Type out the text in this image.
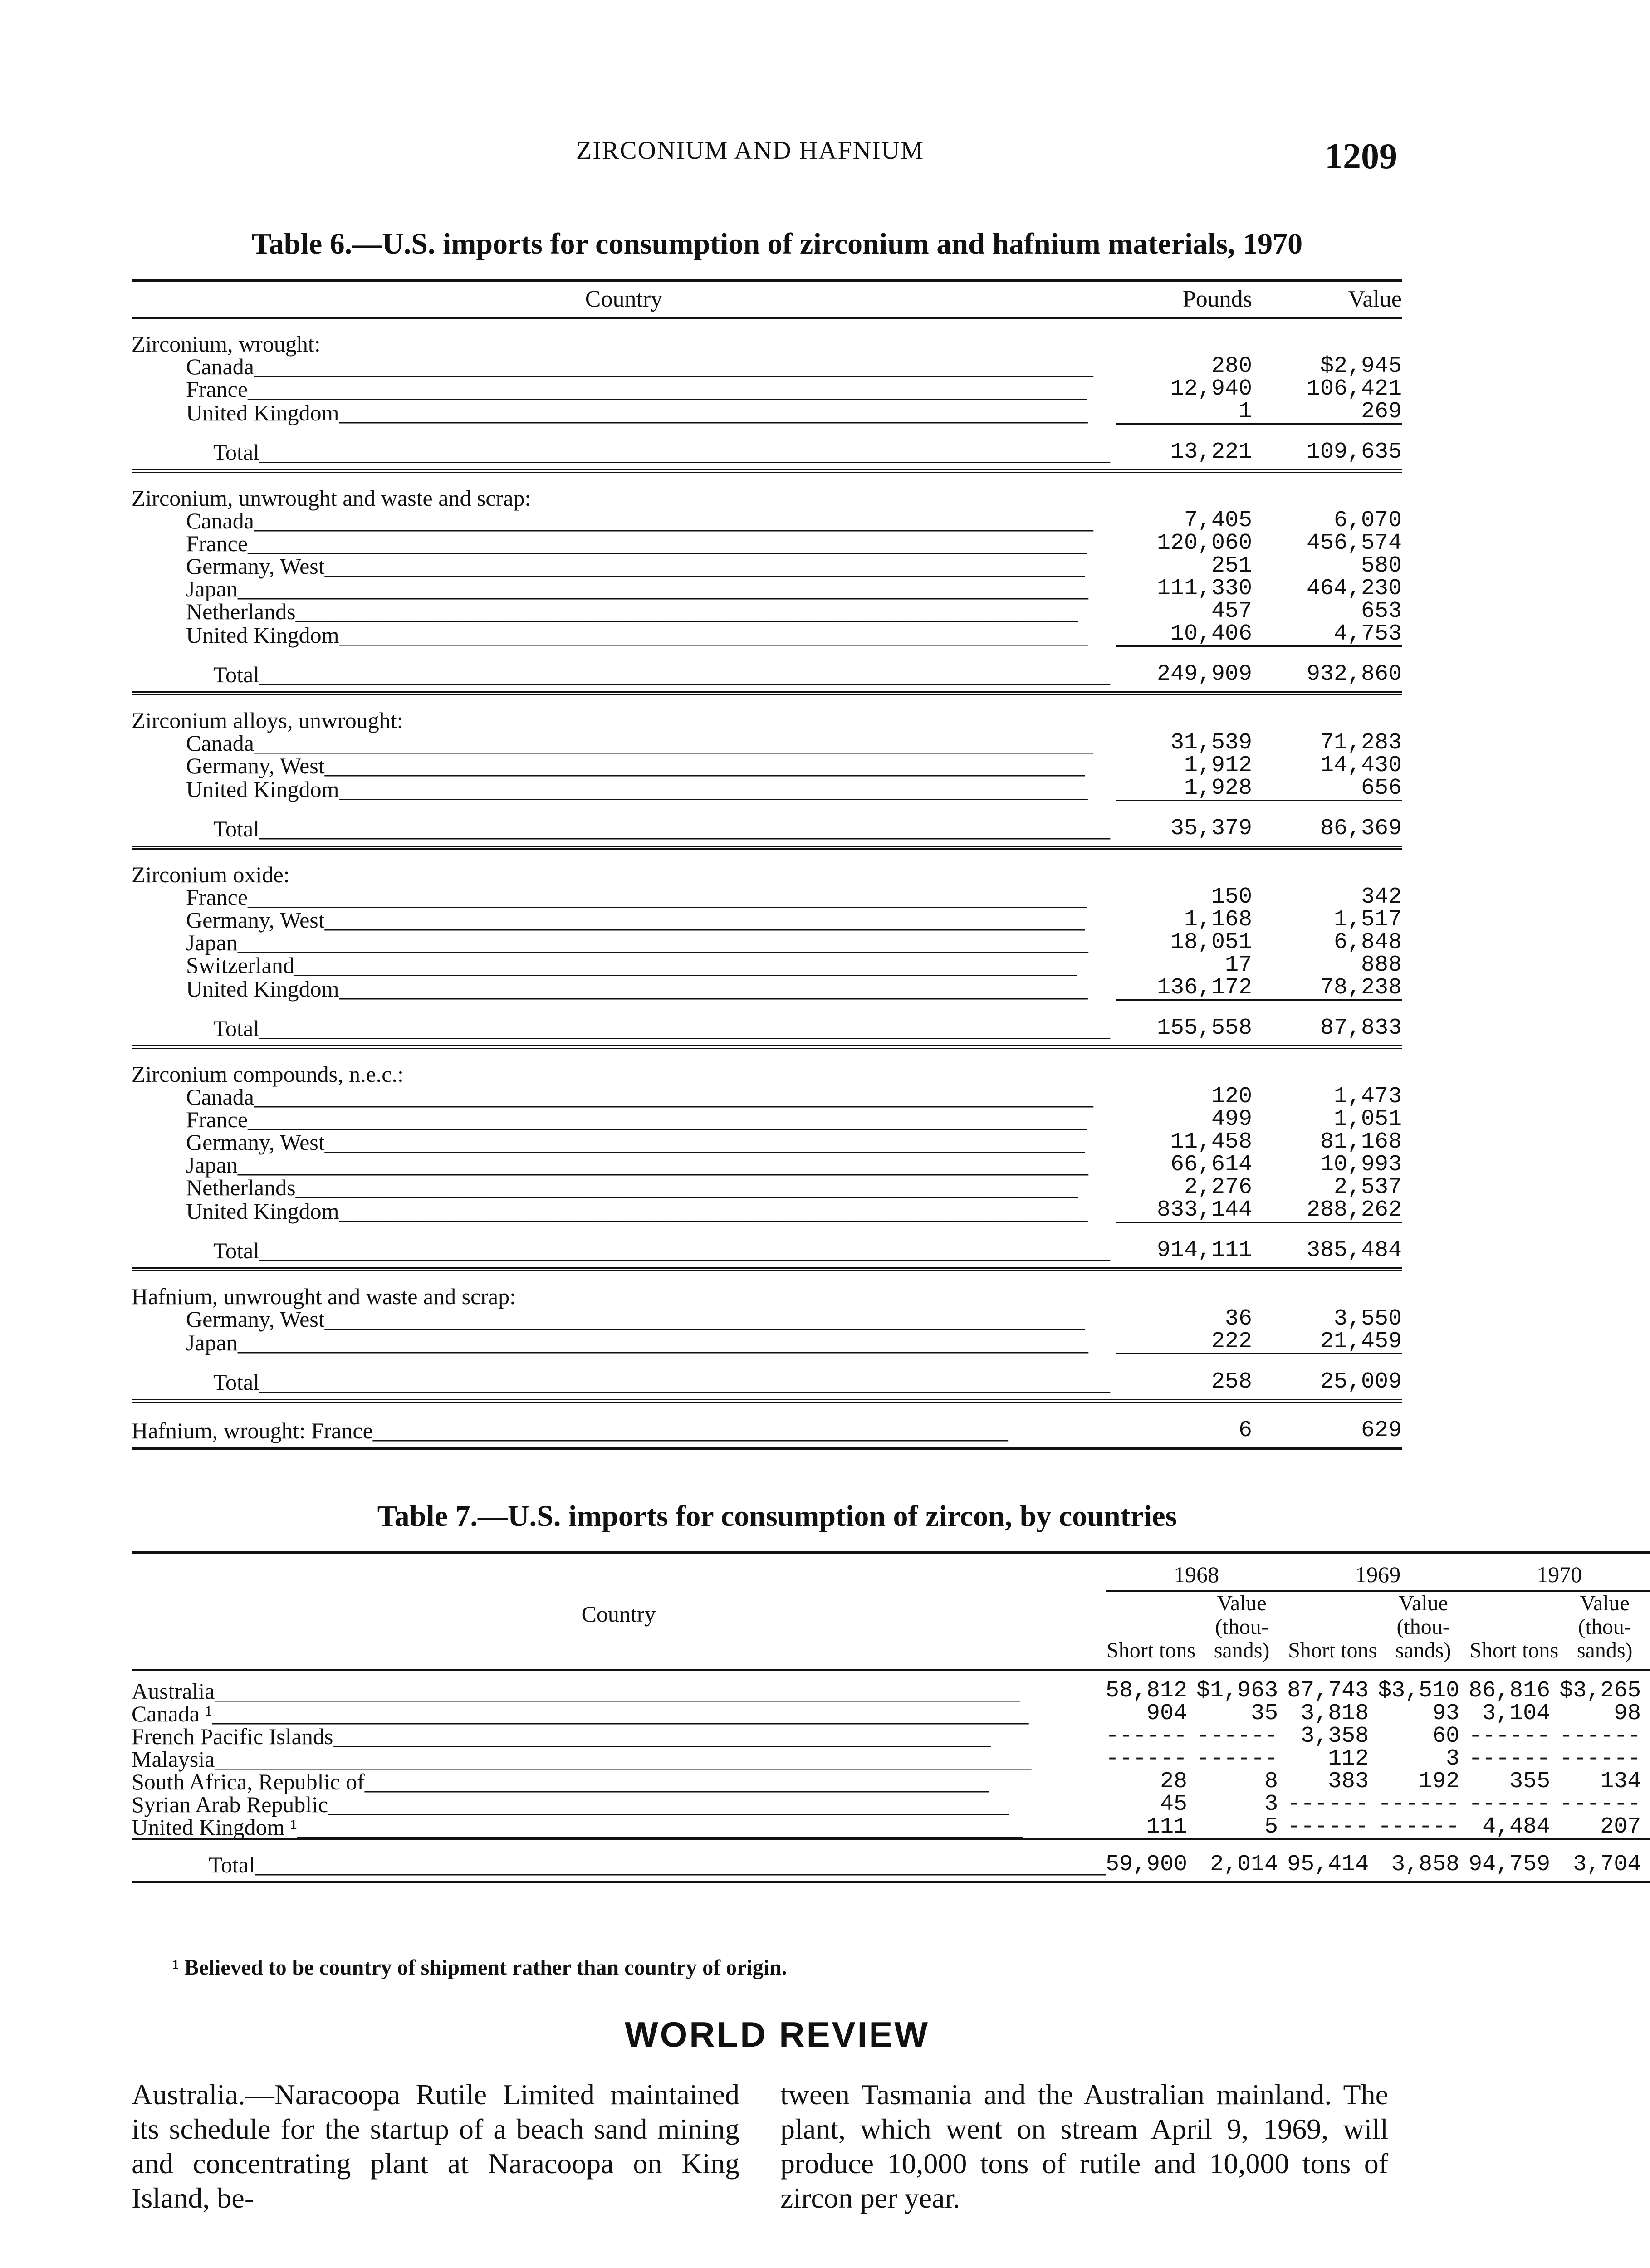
ZIRCONIUM AND HAFNIUM	1209
Table 6.—U.S. imports for consumption of zirconium and hafnium materials, 1970
Country	Pounds	Value
Zirconium, wrought:		
Canada__________________________________________________________________________	280	$2,945
France__________________________________________________________________________	12,940	106,421
United Kingdom__________________________________________________________________	1	269
Total___________________________________________________________________________	13,221	109,635
Zirconium, unwrought and waste and scrap:		
Canada__________________________________________________________________________	7,405	6,070
France__________________________________________________________________________	120,060	456,574
Germany, West___________________________________________________________________	251	580
Japan___________________________________________________________________________	111,330	464,230
Netherlands_____________________________________________________________________	457	653
United Kingdom__________________________________________________________________	10,406	4,753
Total___________________________________________________________________________	249,909	932,860
Zirconium alloys, unwrought:		
Canada__________________________________________________________________________	31,539	71,283
Germany, West___________________________________________________________________	1,912	14,430
United Kingdom__________________________________________________________________	1,928	656
Total___________________________________________________________________________	35,379	86,369
Zirconium oxide:		
France__________________________________________________________________________	150	342
Germany, West___________________________________________________________________	1,168	1,517
Japan___________________________________________________________________________	18,051	6,848
Switzerland_____________________________________________________________________	17	888
United Kingdom__________________________________________________________________	136,172	78,238
Total___________________________________________________________________________	155,558	87,833
Zirconium compounds, n.e.c.:		
Canada__________________________________________________________________________	120	1,473
France__________________________________________________________________________	499	1,051
Germany, West___________________________________________________________________	11,458	81,168
Japan___________________________________________________________________________	66,614	10,993
Netherlands_____________________________________________________________________	2,276	2,537
United Kingdom__________________________________________________________________	833,144	288,262
Total___________________________________________________________________________	914,111	385,484
Hafnium, unwrought and waste and scrap:		
Germany, West___________________________________________________________________	36	3,550
Japan___________________________________________________________________________	222	21,459
Total___________________________________________________________________________	258	25,009
Hafnium, wrought: France________________________________________________________	6	629
Table 7.—U.S. imports for consumption of zircon, by countries
Country	1968		1969		1970	
	Short tons	Value (thou- sands)	Short tons	Value (thou- sands)	Short tons	Value (thou- sands)
Australia_______________________________________________________________________	58,812	$1,963	87,743	$3,510	86,816	$3,265
Canada ¹________________________________________________________________________	904	35	3,818	93	3,104	98
French Pacific Islands__________________________________________________________	------	------	3,358	60	------	------
Malaysia________________________________________________________________________	------	------	112	3	------	------
South Africa, Republic of_______________________________________________________	28	8	383	192	355	134
Syrian Arab Republic____________________________________________________________	45	3	------	------	------	------
United Kingdom ¹________________________________________________________________	111	5	------	------	4,484	207
Total___________________________________________________________________________	59,900	2,014	95,414	3,858	94,759	3,704
¹ Believed to be country of shipment rather than country of origin.
WORLD REVIEW
Australia.—Naracoopa Rutile Limited maintained its schedule for the startup of a beach sand mining and concentrating plant at Naracoopa on King Island, be-
tween Tasmania and the Australian mainland. The plant, which went on stream April 9, 1969, will produce 10,000 tons of rutile and 10,000 tons of zircon per year.
